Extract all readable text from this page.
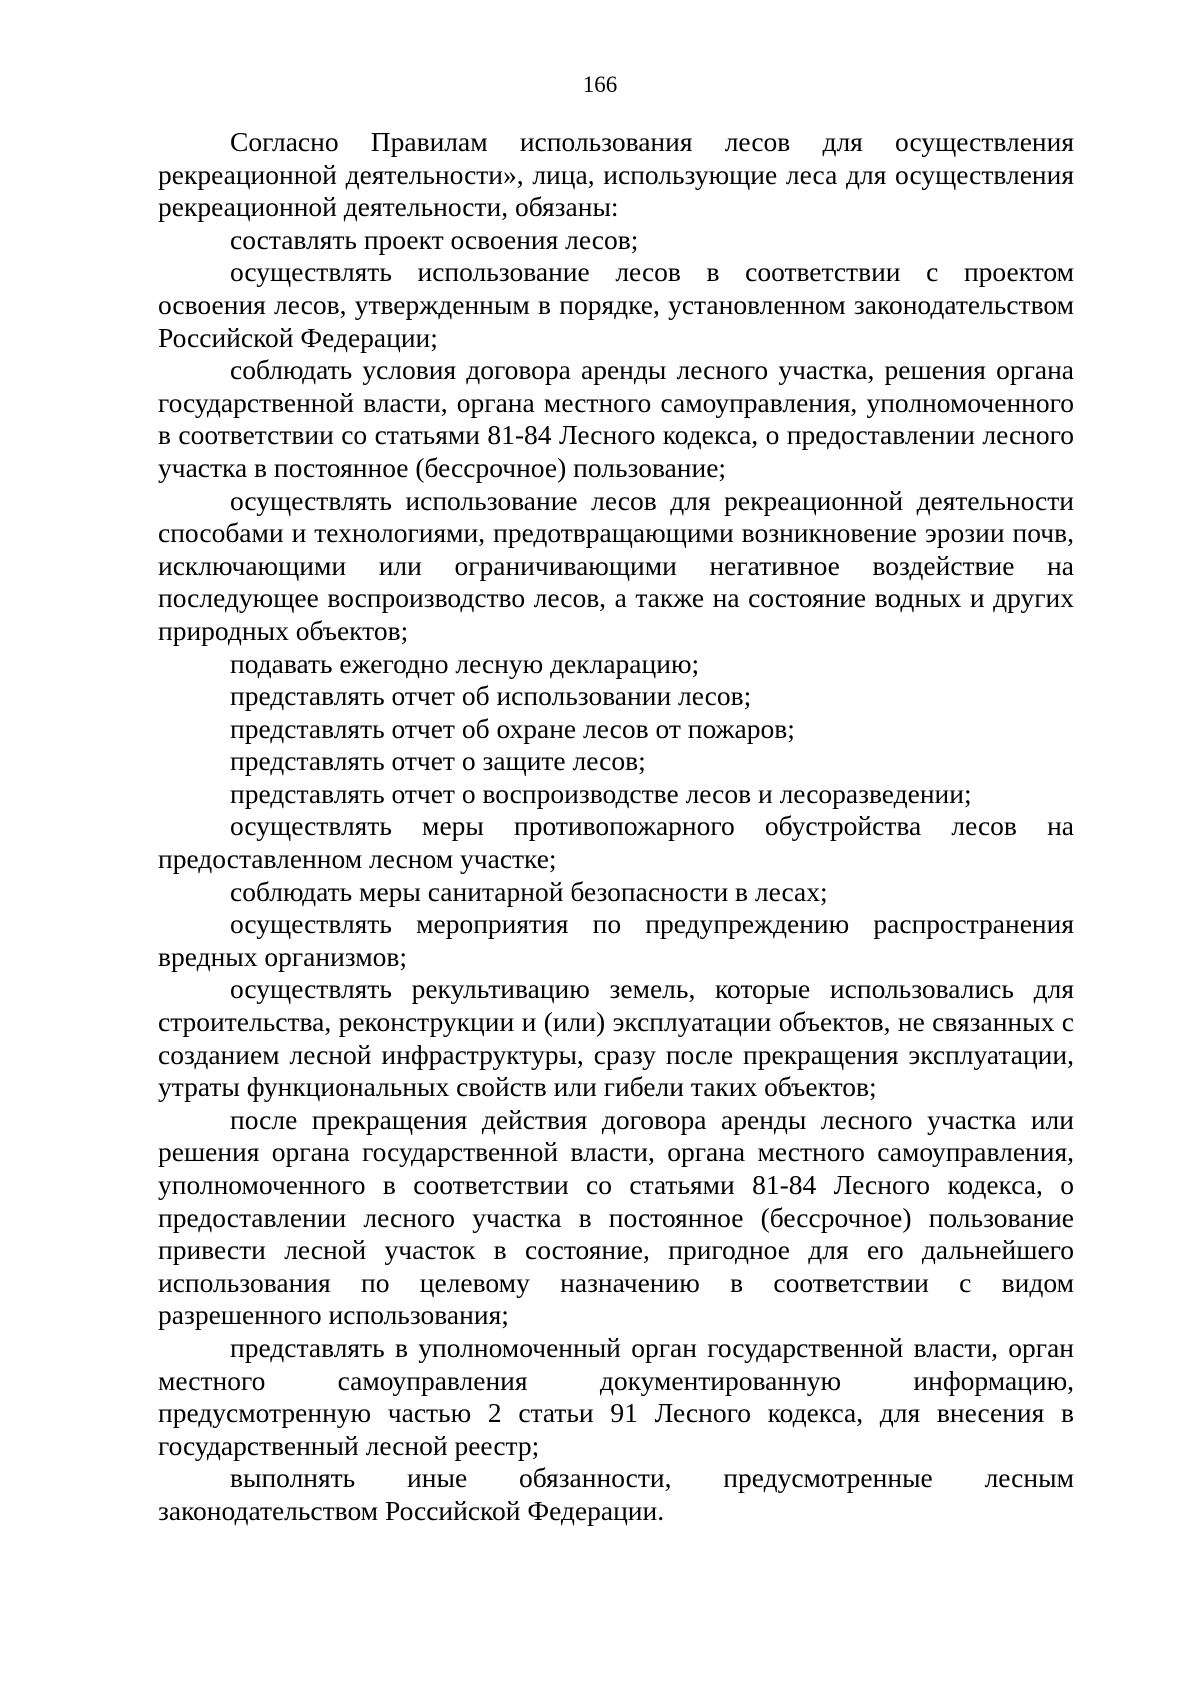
166

Согласно Правилам использования лесов для осуществления рекреационной деятельности», лица, использующие леса для осуществления рекреационной деятельности, обязаны:

составлять проект освоения лесов;

осуществлять использование лесов в соответствии с проектом освоения лесов, утвержденным в порядке, установленном законодательством Российской Федерации;

соблюдать условия договора аренды лесного участка, решения органа государственной власти, органа местного самоуправления, уполномоченного в соответствии со статьями 81-84 Лесного кодекса, о предоставлении лесного участка в постоянное (бессрочное) пользование;

осуществлять использование лесов для рекреационной деятельности способами и технологиями, предотвращающими возникновение эрозии почв, исключающими или ограничивающими негативное воздействие на последующее воспроизводство лесов, а также на состояние водных и других природных объектов;

подавать ежегодно лесную декларацию;

представлять отчет об использовании лесов;

представлять отчет об охране лесов от пожаров;

представлять отчет о защите лесов;

представлять отчет о воспроизводстве лесов и лесоразведении;

осуществлять меры противопожарного обустройства лесов на предоставленном лесном участке;

соблюдать меры санитарной безопасности в лесах;

осуществлять мероприятия по предупреждению распространения вредных организмов;

осуществлять рекультивацию земель, которые использовались для строительства, реконструкции и (или) эксплуатации объектов, не связанных с созданием лесной инфраструктуры, сразу после прекращения эксплуатации, утраты функциональных свойств или гибели таких объектов;

после прекращения действия договора аренды лесного участка или решения органа государственной власти, органа местного самоуправления, уполномоченного в соответствии со статьями 81-84 Лесного кодекса, о предоставлении лесного участка в постоянное (бессрочное) пользование привести лесной участок в состояние, пригодное для его дальнейшего использования по целевому назначению в соответствии с видом разрешенного использования;

представлять в уполномоченный орган государственной власти, орган местного самоуправления документированную информацию, предусмотренную частью 2 статьи 91 Лесного кодекса, для внесения в государственный лесной реестр;

выполнять иные обязанности, предусмотренные лесным законодательством Российской Федерации.
